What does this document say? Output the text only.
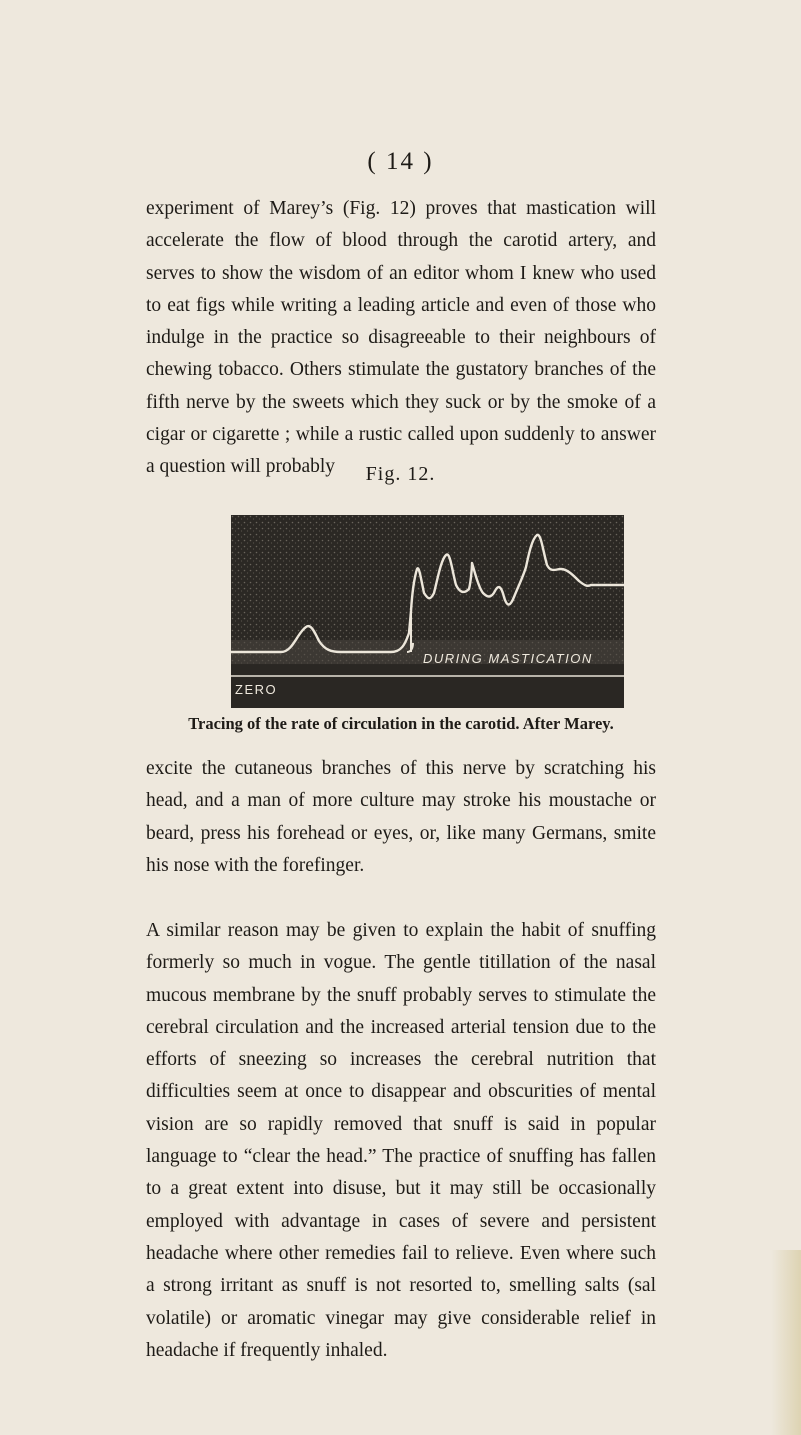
( 14 )

experiment of Marey’s (Fig. 12) proves that mastication will accelerate the flow of blood through the carotid artery, and serves to show the wisdom of an editor whom I knew who used to eat figs while writing a leading article and even of those who indulge in the practice so disagreeable to their neighbours of chewing tobacco. Others stimulate the gustatory branches of the fifth nerve by the sweets which they suck or by the smoke of a cigar or cigarette ; while a rustic called upon suddenly to answer a question will probably	Fig. 12.
DURING MASTICATION
ZERO
Tracing of the rate of circulation in the carotid. After Marey.

excite the cutaneous branches of this nerve by scratching his head, and a man of more culture may stroke his moustache or beard, press his forehead or eyes, or, like many Germans, smite his nose with the forefinger.

A similar reason may be given to explain the habit of snuffing formerly so much in vogue. The gentle titillation of the nasal mucous membrane by the snuff probably serves to stimulate the cerebral circulation and the increased arterial tension due to the efforts of sneezing so increases the cerebral nutrition that difficulties seem at once to disappear and obscurities of mental vision are so rapidly removed that snuff is said in popular language to “clear the head.” The practice of snuffing has fallen to a great extent into disuse, but it may still be occasionally employed with advantage in cases of severe and persistent headache where other remedies fail to relieve. Even where such a strong irritant as snuff is not resorted to, smelling salts (sal volatile) or aromatic vinegar may give considerable relief in headache if frequently inhaled.
